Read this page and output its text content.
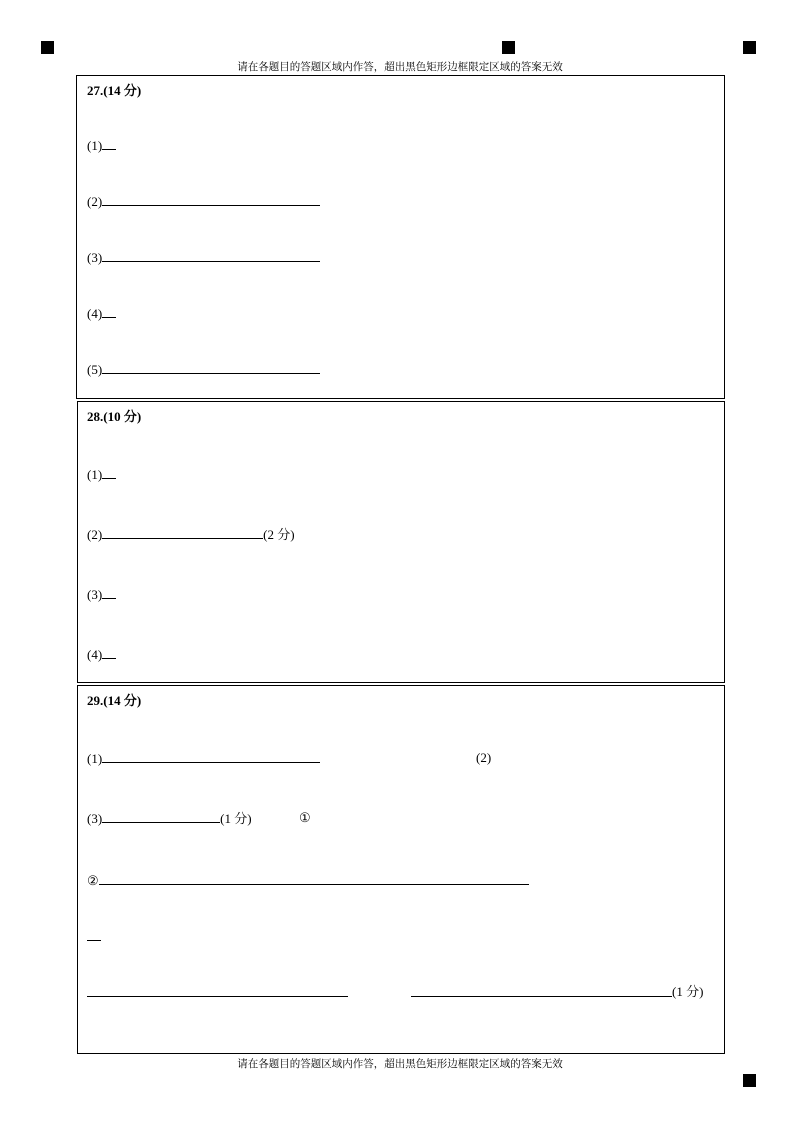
请在各题目的答题区域内作答，超出黑色矩形边框限定区域的答案无效
27.(14 分)
(1)
(2)
(3)
(4)
(5)
28.(10 分)
(1)
(2)	(2 分)
(3)
(4)
29.(14 分)
(1)	(2)
(3)	(1 分)	①
②
(1 分)
请在各题目的答题区域内作答，超出黑色矩形边框限定区域的答案无效
